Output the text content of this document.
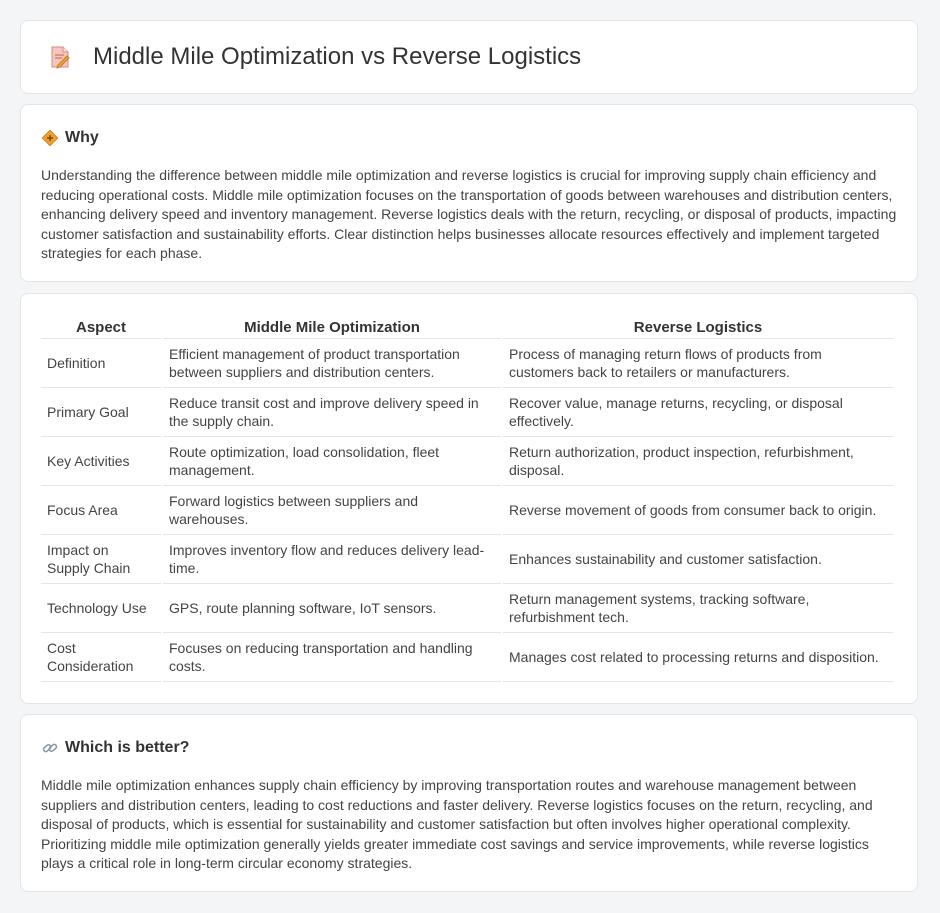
Middle Mile Optimization vs Reverse Logistics
Why

Understanding the difference between middle mile optimization and reverse logistics is crucial for improving supply chain efficiency and reducing operational costs. Middle mile optimization focuses on the transportation of goods between warehouses and distribution centers, enhancing delivery speed and inventory management. Reverse logistics deals with the return, recycling, or disposal of products, impacting customer satisfaction and sustainability efforts. Clear distinction helps businesses allocate resources effectively and implement targeted strategies for each phase.

Aspect	Middle Mile Optimization	Reverse Logistics
Definition	Efficient management of product transportation between suppliers and distribution centers.	Process of managing return flows of products from customers back to retailers or manufacturers.
Primary Goal	Reduce transit cost and improve delivery speed in the supply chain.	Recover value, manage returns, recycling, or disposal effectively.
Key Activities	Route optimization, load consolidation, fleet management.	Return authorization, product inspection, refurbishment, disposal.
Focus Area	Forward logistics between suppliers and warehouses.	Reverse movement of goods from consumer back to origin.
Impact on Supply Chain	Improves inventory flow and reduces delivery lead-time.	Enhances sustainability and customer satisfaction.
Technology Use	GPS, route planning software, IoT sensors.	Return management systems, tracking software, refurbishment tech.
Cost Consideration	Focuses on reducing transportation and handling costs.	Manages cost related to processing returns and disposition.
Which is better?

Middle mile optimization enhances supply chain efficiency by improving transportation routes and warehouse management between suppliers and distribution centers, leading to cost reductions and faster delivery. Reverse logistics focuses on the return, recycling, and disposal of products, which is essential for sustainability and customer satisfaction but often involves higher operational complexity. Prioritizing middle mile optimization generally yields greater immediate cost savings and service improvements, while reverse logistics plays a critical role in long-term circular economy strategies.
